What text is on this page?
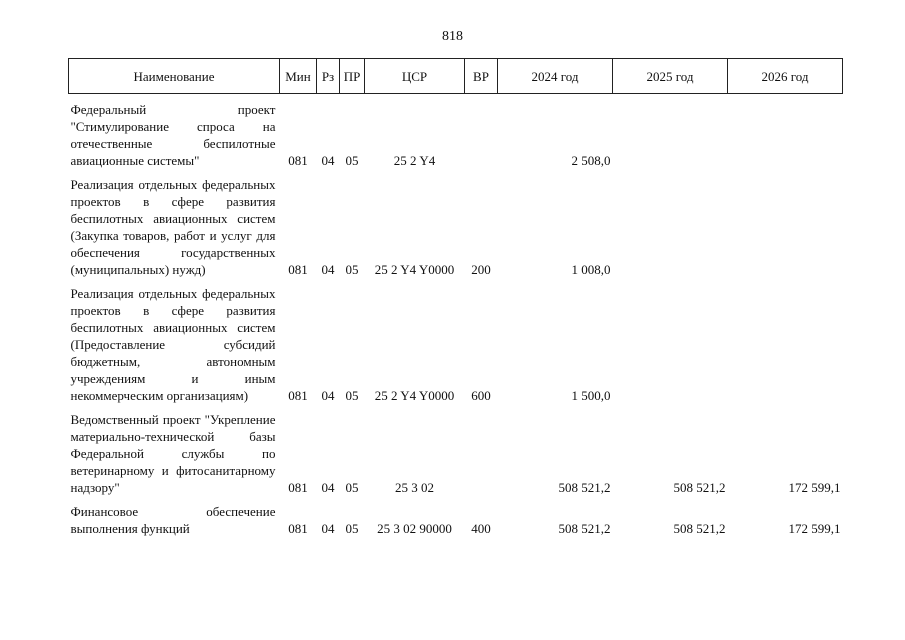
818
Наименование	Мин	Рз	ПР	ЦСР	ВР	2024 год	2025 год	2026 год
Федеральный проект "Стимулирование спроса на отечественные беспилотные авиационные системы"	081	04	05	25 2 Y4		2 508,0		
Реализация отдельных федеральных проектов в сфере развития беспилотных авиационных систем (Закупка товаров, работ и услуг для обеспечения государственных (муниципальных) нужд)	081	04	05	25 2 Y4 Y0000	200	1 008,0		
Реализация отдельных федеральных проектов в сфере развития беспилотных авиационных систем (Предоставление субсидий бюджетным, автономным учреждениям и иным некоммерческим организациям)	081	04	05	25 2 Y4 Y0000	600	1 500,0		
Ведомственный проект "Укрепление материально-технической базы Федеральной службы по ветеринарному и фитосанитарному надзору"	081	04	05	25 3 02		508 521,2	508 521,2	172 599,1
Финансовое обеспечение выполнения функций	081	04	05	25 3 02 90000	400	508 521,2	508 521,2	172 599,1
